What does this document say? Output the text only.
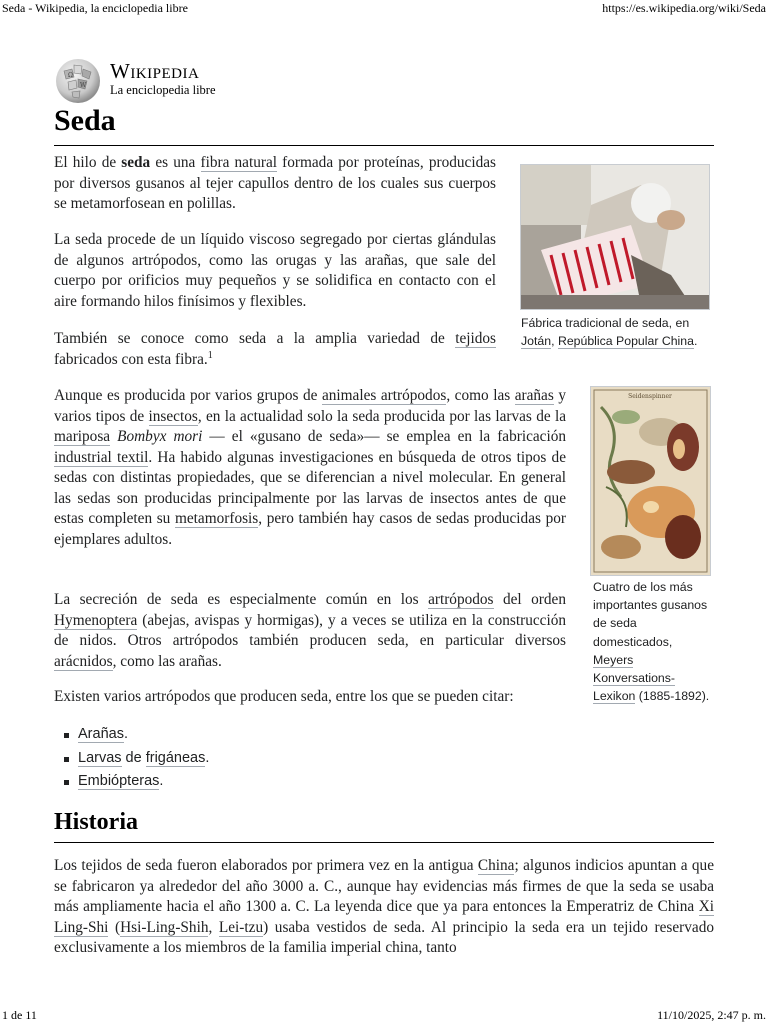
Seda - Wikipedia, la enciclopedia libre	https://es.wikipedia.org/wiki/Seda
Ω
W
Wikipedia
La enciclopedia libre
Seda

El hilo de seda es una fibra natural formada por proteínas, producidas por diversos gusanos al tejer capullos dentro de los cuales sus cuerpos se metamorfosean en polillas.

La seda procede de un líquido viscoso segregado por ciertas glándulas de algunos artrópodos, como las orugas y las arañas, que sale del cuerpo por orificios muy pequeños y se solidifica en contacto con el aire formando hilos finísimos y flexibles.

También se conoce como seda a la amplia variedad de tejidos fabricados con esta fibra.$^1$

Fábrica tradicional de seda, en Jotán, República Popular China.

Aunque es producida por varios grupos de animales artrópodos, como las arañas y varios tipos de insectos, en la actualidad solo la seda producida por las larvas de la mariposa Bombyx mori — el «gusano de seda»— se emplea en la fabricación industrial textil. Ha habido algunas investigaciones en búsqueda de otros tipos de sedas con distintas propiedades, que se diferencian a nivel molecular. En general las sedas son producidas principalmente por las larvas de insectos antes de que estas completen su metamorfosis, pero también hay casos de sedas producidas por ejemplares adultos.

Seidenspinner
Cuatro de los más importantes gusanos de seda domesticados, Meyers Konversations-Lexikon (1885-1892).

La secreción de seda es especialmente común en los artrópodos del orden Hymenoptera (abejas, avispas y hormigas), y a veces se utiliza en la construcción de nidos. Otros artrópodos también producen seda, en particular diversos arácnidos, como las arañas.

Existen varios artrópodos que producen seda, entre los que se pueden citar:

Arañas.
Larvas de frigáneas.
Embiópteras.
Historia

Los tejidos de seda fueron elaborados por primera vez en la antigua China; algunos indicios apuntan a que se fabricaron ya alrededor del año 3000 a. C., aunque hay evidencias más firmes de que la seda se usaba más ampliamente hacia el año 1300 a. C. La leyenda dice que ya para entonces la Emperatriz de China Xi Ling-Shi (Hsi-Ling-Shih, Lei-tzu) usaba vestidos de seda. Al principio la seda era un tejido reservado exclusivamente a los miembros de la familia imperial china, tanto

1 de 11	11/10/2025, 2:47 p. m.
